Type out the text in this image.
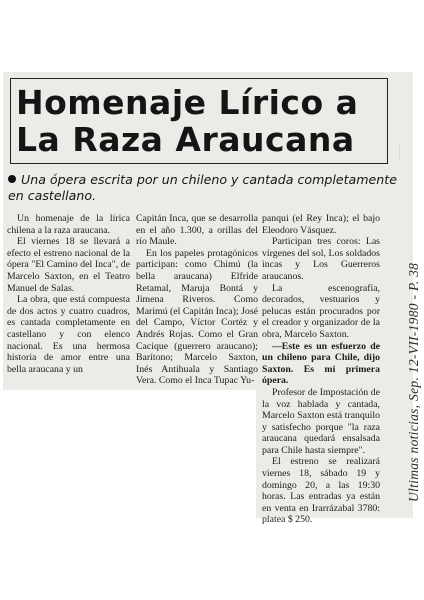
......
Homenaje Lírico a
La Raza Araucana
Una ópera escrita por un chileno y cantada completamente en castellano.

Un homenaje de la lírica chilena a la raza araucana.

El viernes 18 se llevará a efecto el estreno nacional de la ópera "El Camino del Inca", de Marcelo Saxton, en el Teatro Manuel de Salas.

La obra, que está compuesta de dos actos y cuatro cuadros, es cantada completamente en castellano y con elenco nacional. Es una hermosa historia de amor entre una bella araucana y un

Capitán Inca, que se desarrolla en el año 1.300, a orillas del río Maule.

En los papeles protagónicos participan: como Chimú (la bella araucana) Elfride Retamal, Maruja Bontá y Jimena Riveros. Como Marimú (el Capitán Inca); José del Campo, Víctor Cortéz y Andrés Rojas. Como el Gran Cacique (guerrero araucano); Barítono; Marcelo Saxton, Inés Antihuala y Santiago Vera. Como el Inca Tupac Yu-

panqui (el Rey Inca); el bajo Eleodoro Vásquez.

Participan tres coros: Las vírgenes del sol, Los soldados incas y Los Guerreros araucanos.

La escenografía, decorados, vestuarios y pelucas están procurados por el creador y organizador de la obra, Marcelo Saxton.

—Este es un esfuerzo de un chileno para Chile, dijo Saxton. Es mi primera ópera.

Profesor de Impostación de la voz hablada y cantada, Marcelo Saxton está tranquilo y satisfecho porque "la raza araucana quedará ensalsada para Chile hasta siempre".

El estreno se realizará viernes 18, sábado 19 y domingo 20, a las 19:30 horas. Las entradas ya están en venta en Irarrázabal 3780: platea $ 250.

Ultimas noticias, Sep. 12-VII-1980 - P. 38
